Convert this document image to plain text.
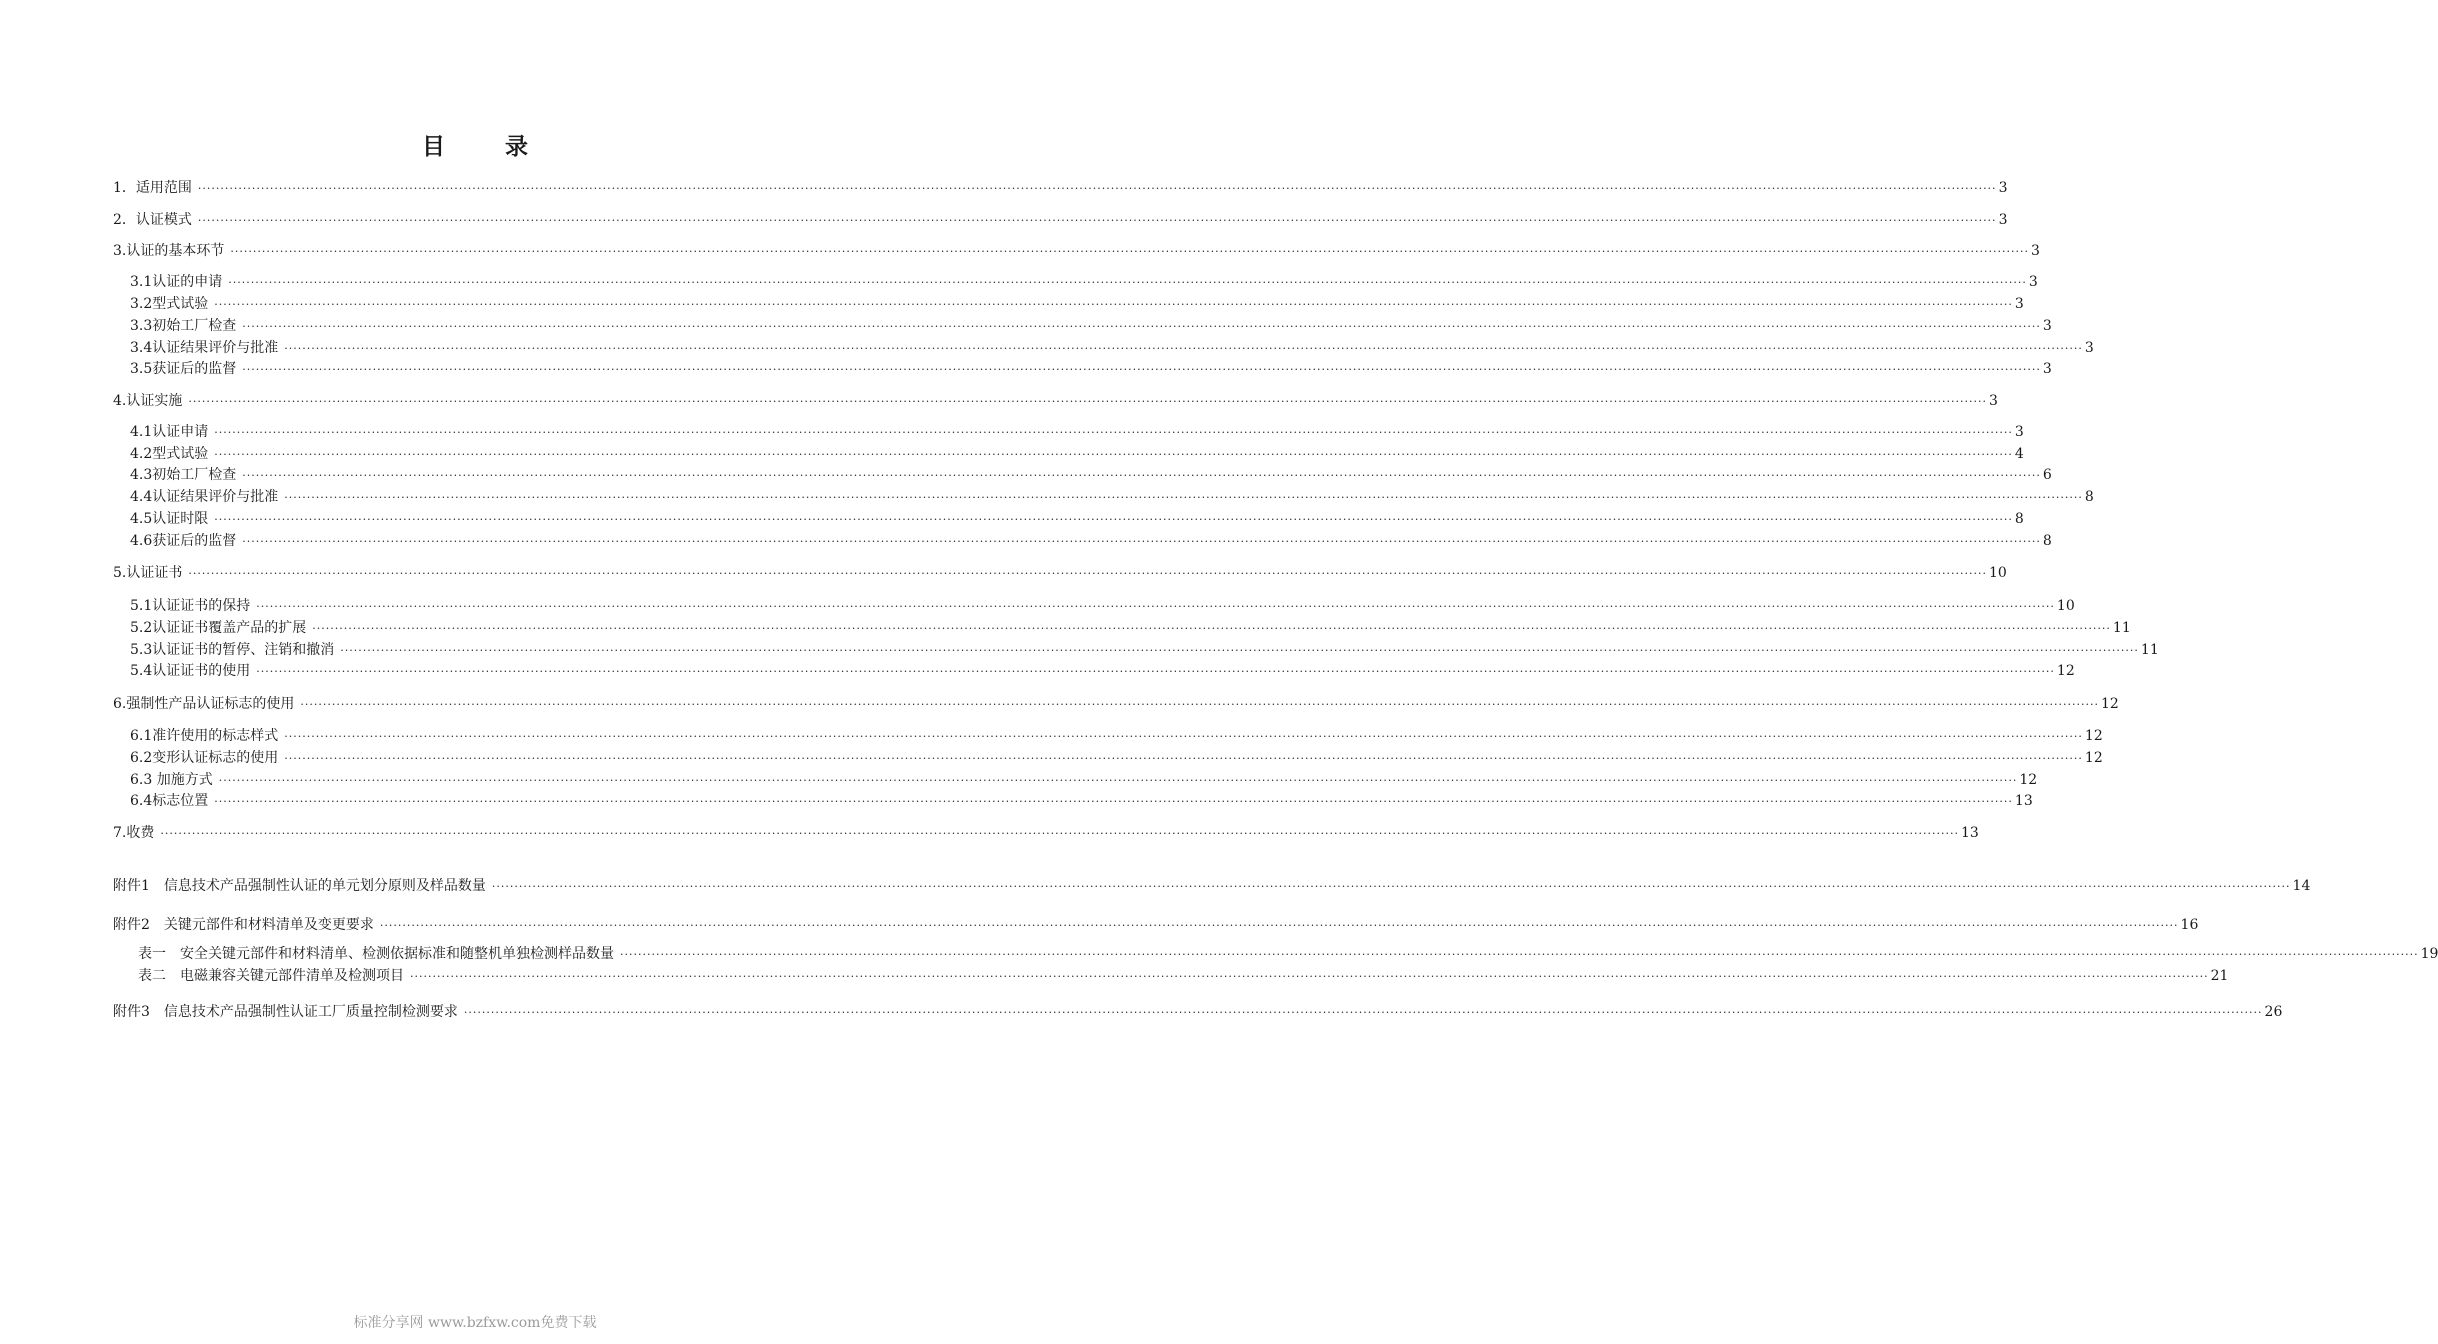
目 录
1．适用范围 ················································································································································································································································································································································································································ 3
2．认证模式 ················································································································································································································································································································································································································ 3
3.认证的基本环节 ················································································································································································································································································································································································································ 3
3.1认证的申请 ················································································································································································································································································································································································································ 3
3.2型式试验 ················································································································································································································································································································································································································ 3
3.3初始工厂检查 ················································································································································································································································································································································································································ 3
3.4认证结果评价与批准 ················································································································································································································································································································································································································ 3
3.5获证后的监督 ················································································································································································································································································································································································································ 3
4.认证实施 ················································································································································································································································································································································································································ 3
4.1认证申请 ················································································································································································································································································································································································································ 3
4.2型式试验 ················································································································································································································································································································································································································ 4
4.3初始工厂检查 ················································································································································································································································································································································································································ 6
4.4认证结果评价与批准 ················································································································································································································································································································································································································ 8
4.5认证时限 ················································································································································································································································································································································································································ 8
4.6获证后的监督 ················································································································································································································································································································································································································ 8
5.认证证书 ················································································································································································································································································································································································································ 10
5.1认证证书的保持 ················································································································································································································································································································································································································ 10
5.2认证证书覆盖产品的扩展 ················································································································································································································································································································································································································ 11
5.3认证证书的暂停、注销和撤消 ················································································································································································································································································································································································································ 11
5.4认证证书的使用 ················································································································································································································································································································································································································ 12
6.强制性产品认证标志的使用 ················································································································································································································································································································································································································ 12
6.1准许使用的标志样式 ················································································································································································································································································································································································································ 12
6.2变形认证标志的使用 ················································································································································································································································································································································································································ 12
6.3 加施方式 ················································································································································································································································································································································································································ 12
6.4标志位置 ················································································································································································································································································································································································································ 13
7.收费 ················································································································································································································································································································································································································ 13
附件1　信息技术产品强制性认证的单元划分原则及样品数量 ················································································································································································································································································································································································································ 14
附件2　关键元部件和材料清单及变更要求 ················································································································································································································································································································································································································ 16
表一　安全关键元部件和材料清单、检测依据标准和随整机单独检测样品数量 ················································································································································································································································································································································································································ 19
表二　电磁兼容关键元部件清单及检测项目 ················································································································································································································································································································································································································ 21
附件3　信息技术产品强制性认证工厂质量控制检测要求 ················································································································································································································································································································································································································ 26
标准分享网 www.bzfxw.com免费下载
